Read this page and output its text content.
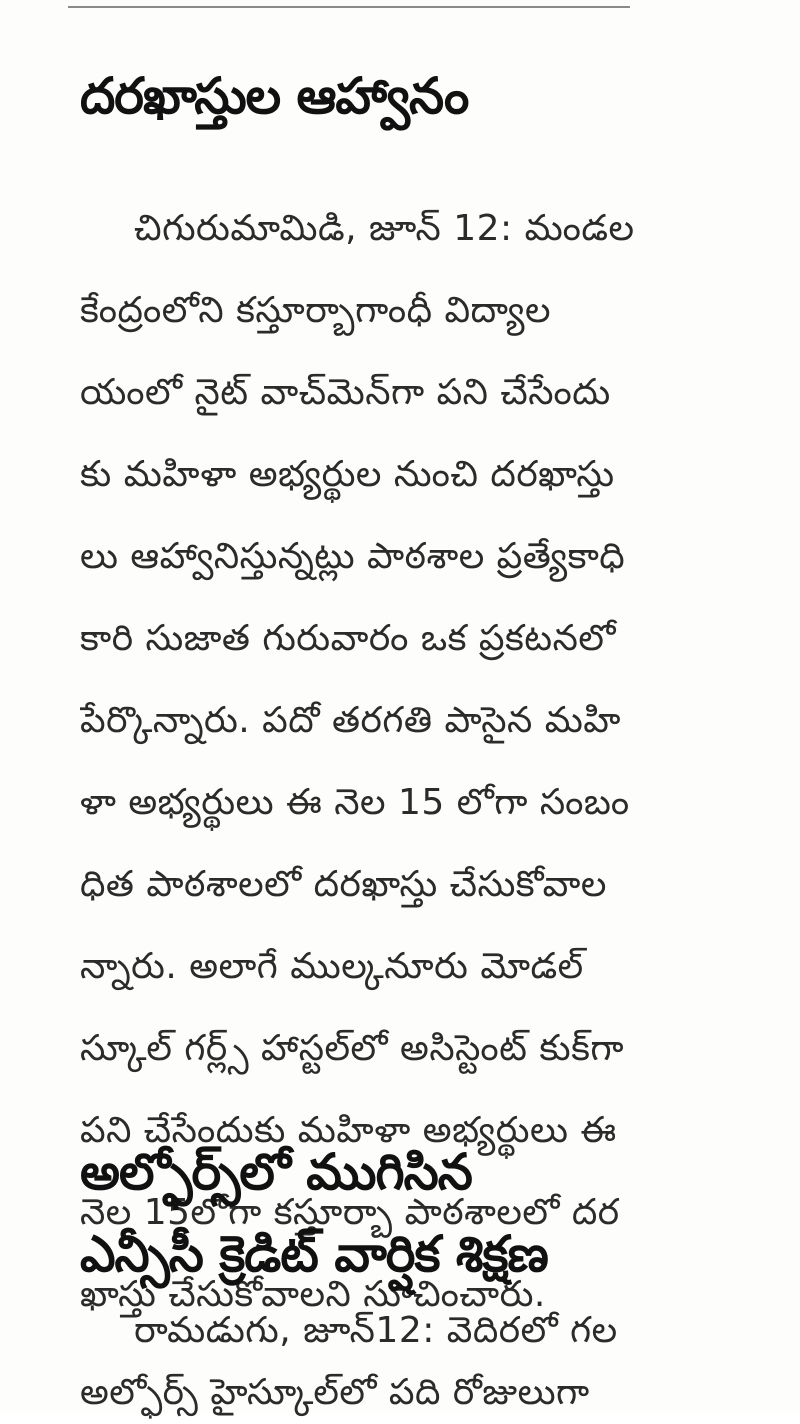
దరఖాస్తుల ఆహ్వానం
చిగురుమామిడి, జూన్ 12: మండల
కేంద్రంలోని కస్తూర్బాగాంధీ విద్యాల
యంలో నైట్ వాచ్‌మెన్‌గా పని చేసేందు
కు మహిళా అభ్యర్థుల నుంచి దరఖాస్తు
లు ఆహ్వానిస్తున్నట్లు పాఠశాల ప్రత్యేకాధి
కారి సుజాత గురువారం ఒక ప్రకటనలో
పేర్కొన్నారు. పదో తరగతి పాసైన మహి
ళా అభ్యర్థులు ఈ నెల 15 లోగా సంబం
ధిత పాఠశాలలో దరఖాస్తు చేసుకోవాల
న్నారు. అలాగే ముల్కనూరు మోడల్
స్కూల్ గర్ల్స్ హాస్టల్‌లో అసిస్టెంట్ కుక్‌గా
పని చేసేందుకు మహిళా అభ్యర్థులు ఈ
నెల 15లోగా కస్తూర్బా పాఠశాలలో దర
ఖాస్తు చేసుకోవాలని సూచించారు.
అల్ఫోర్స్‌లో ముగిసిన
ఎన్సీసీ క్రెడిట్ వార్షిక శిక్షణ
రామడుగు, జూన్12: వెదిరలో గల
అల్ఫోర్స్ హైస్కూల్‌లో పది రోజులుగా
